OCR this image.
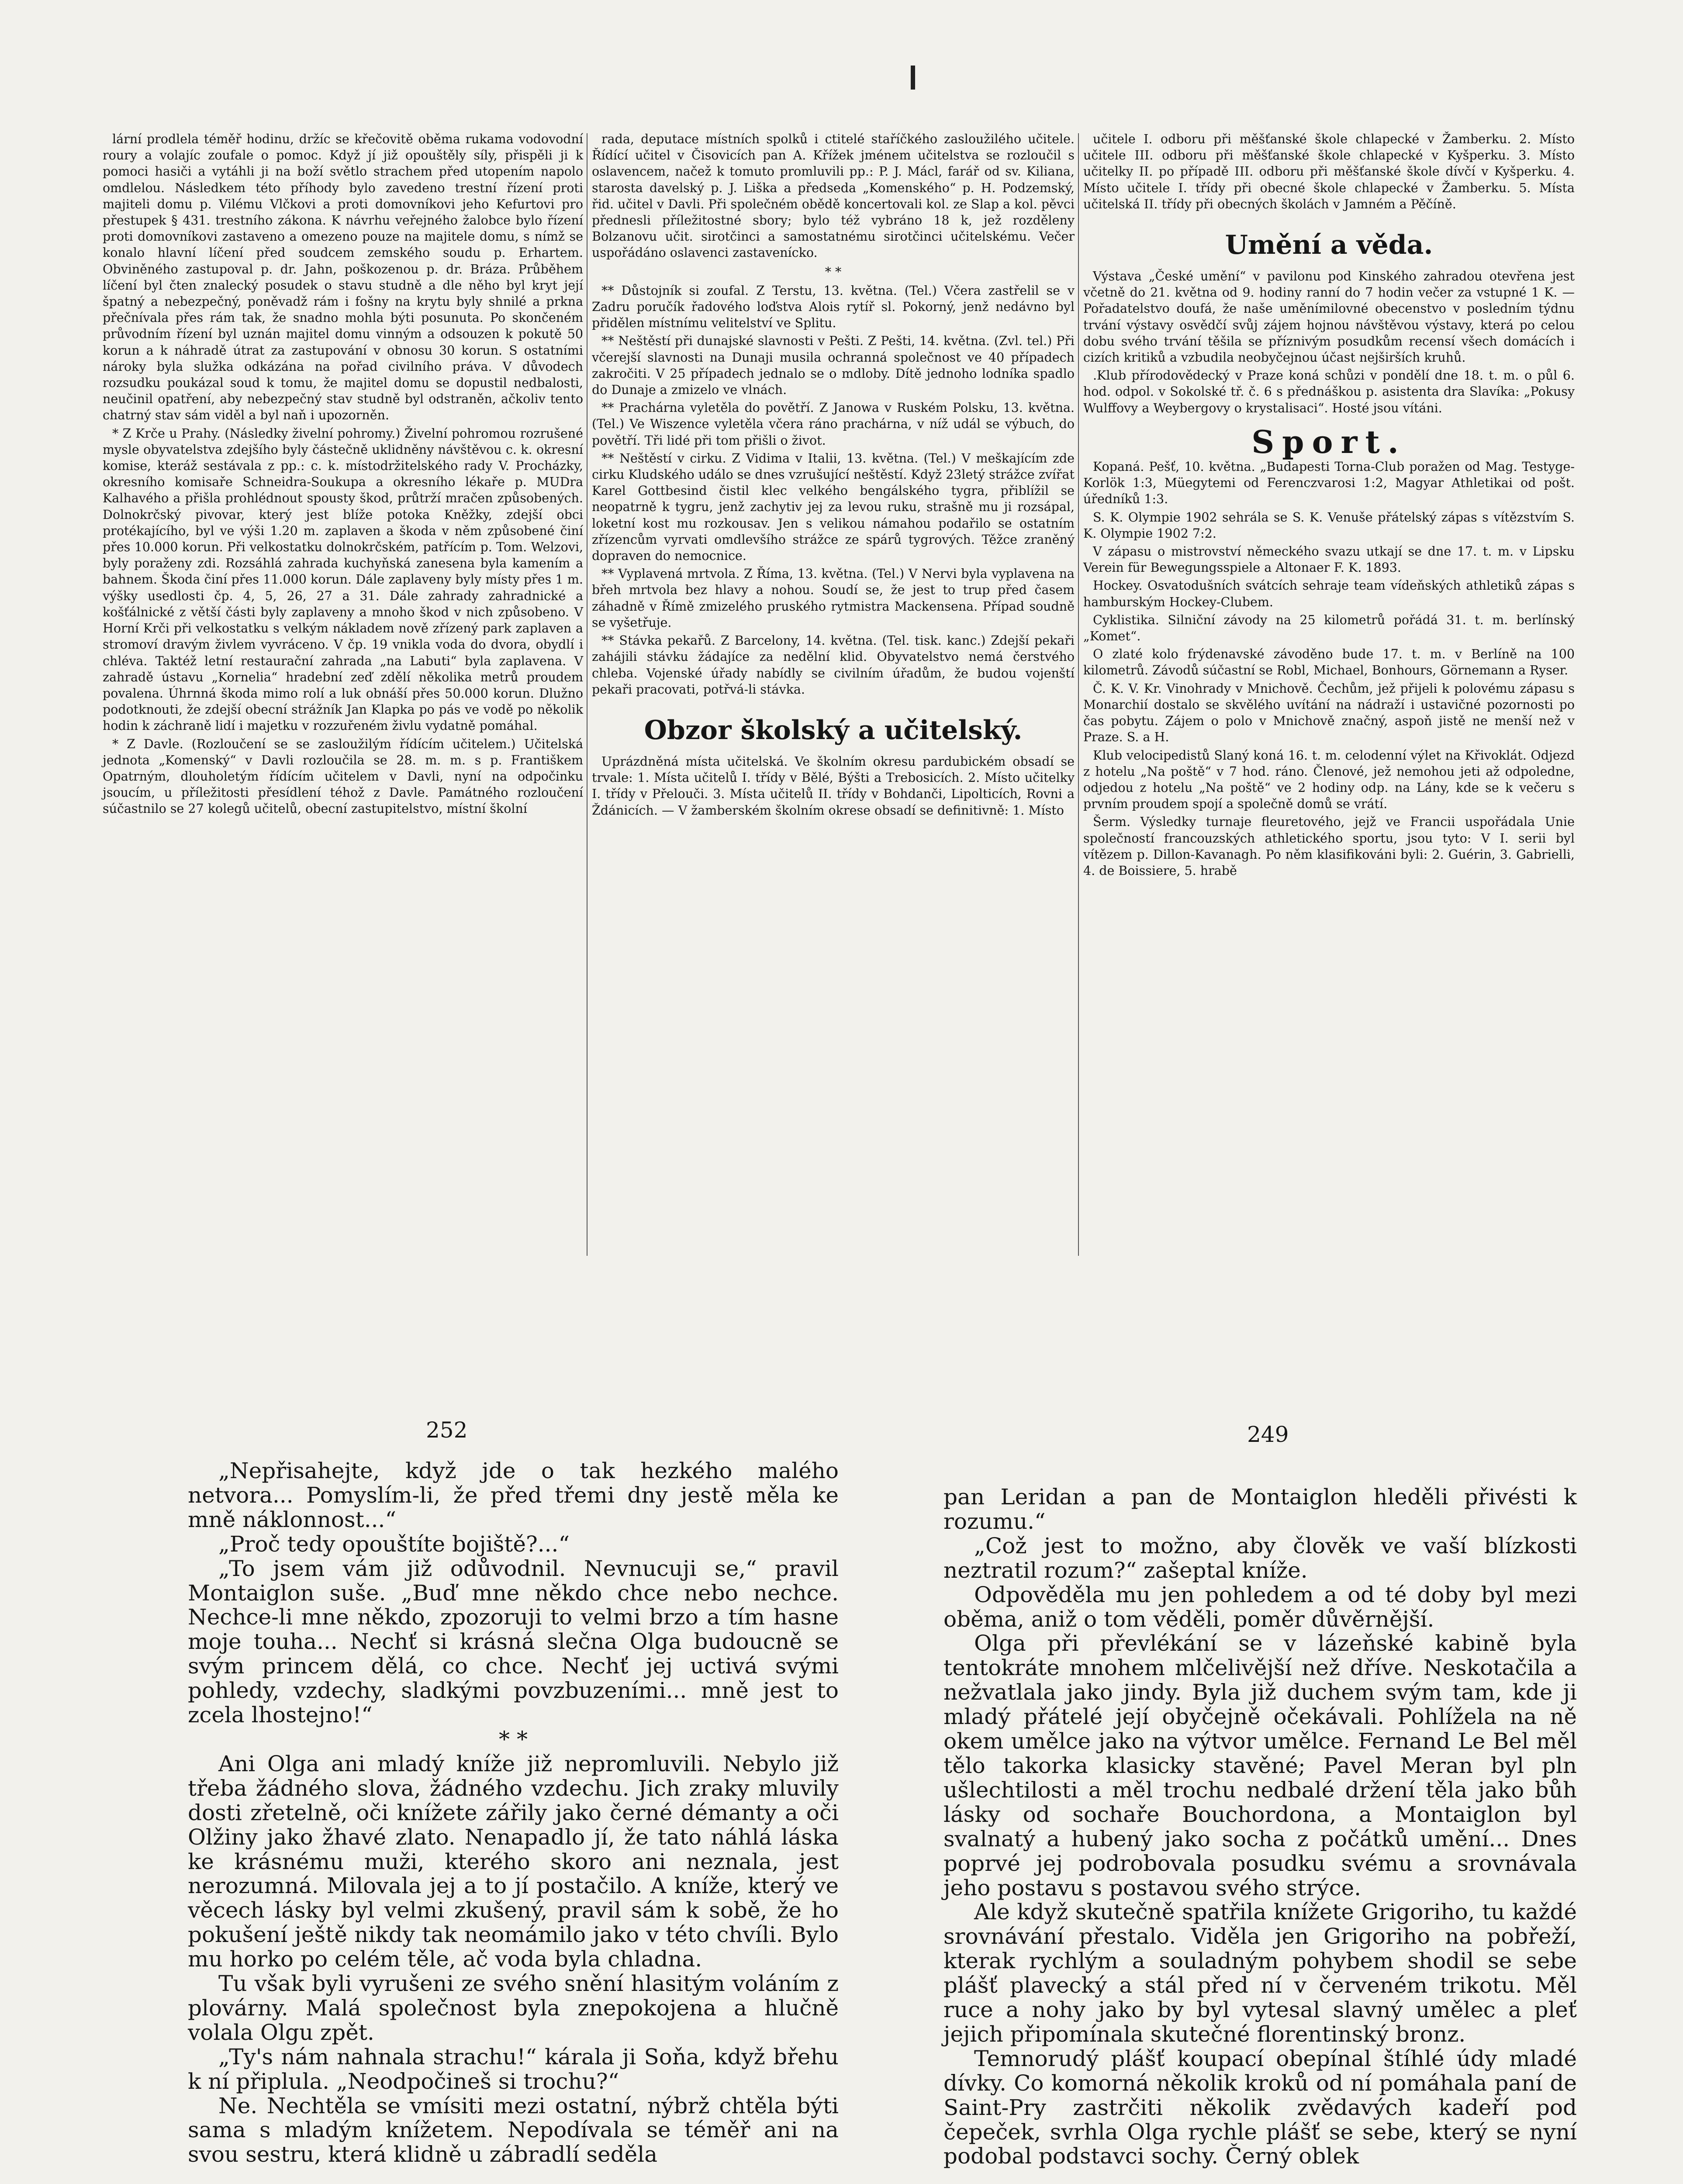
lární prodlela téměř hodinu, držíc se křečovitě oběma rukama vodovodní roury a volajíc zoufale o pomoc. Když jí již opouštěly síly, přispěli ji k pomoci hasiči a vytáhli ji na boží světlo strachem před utopením napolo omdlelou. Následkem této příhody bylo zavedeno trestní řízení proti majiteli domu p. Vilému Vlčkovi a proti domovníkovi jeho Kefurtovi pro přestupek § 431. trestního zákona. K návrhu veřejného žalobce bylo řízení proti domovníkovi zastaveno a omezeno pouze na majitele domu, s nímž se konalo hlavní líčení před soudcem zemského soudu p. Erhartem. Obviněného zastupoval p. dr. Jahn, poškozenou p. dr. Bráza. Průběhem líčení byl čten znalecký posudek o stavu studně a dle něho byl kryt její špatný a nebezpečný, poněvadž rám i fošny na krytu byly shnilé a prkna přečnívala přes rám tak, že snadno mohla býti posunuta. Po skončeném průvodním řízení byl uznán majitel domu vinným a odsouzen k pokutě 50 korun a k náhradě útrat za zastupování v obnosu 30 korun. S ostatními nároky byla služka odkázána na pořad civilního práva. V důvodech rozsudku poukázal soud k tomu, že majitel domu se dopustil nedbalosti, neučinil opatření, aby nebezpečný stav studně byl odstraněn, ačkoliv tento chatrný stav sám viděl a byl naň i upozorněn.

* Z Krče u Prahy. (Následky živelní pohromy.) Živelní pohromou rozrušené mysle obyvatelstva zdejšího byly částečně uklidněny návštěvou c. k. okresní komise, kteráž sestávala z pp.: c. k. místodržitelského rady V. Procházky, okresního komisaře Schneidra-Soukupa a okresního lékaře p. MUDra Kalhavého a přišla prohlédnout spousty škod, průtrží mračen způsobených. Dolnokrčský pivovar, který jest blíže potoka Kněžky, zdejší obci protékajícího, byl ve výši 1.20 m. zaplaven a škoda v něm způsobené činí přes 10.000 korun. Při velkostatku dolnokrčském, patřícím p. Tom. Welzovi, byly poraženy zdi. Rozsáhlá zahrada kuchyňská zanesena byla kamením a bahnem. Škoda činí přes 11.000 korun. Dále zaplaveny byly místy přes 1 m. výšky usedlosti čp. 4, 5, 26, 27 a 31. Dále zahrady zahradnické a košťálnické z větší části byly zaplaveny a mnoho škod v nich způsobeno. V Horní Krči při velkostatku s velkým nákladem nově zřízený park zaplaven a stromoví dravým živlem vyvráceno. V čp. 19 vnikla voda do dvora, obydlí i chléva. Taktéž letní restaurační zahrada „na Labuti“ byla zaplavena. V zahradě ústavu „Kornelia“ hradební zeď zdělí několika metrů proudem povalena. Úhrnná škoda mimo rolí a luk obnáší přes 50.000 korun. Dlužno podotknouti, že zdejší obecní strážník Jan Klapka po pás ve vodě po několik hodin k záchraně lidí i majetku v rozzuřeném živlu vydatně pomáhal.

* Z Davle. (Rozloučení se se zasloužilým řídícím učitelem.) Učitelská jednota „Komenský“ v Davli rozloučila se 28. m. m. s p. Františkem Opatrným, dlouholetým řídícím učitelem v Davli, nyní na odpočinku jsoucím, u příležitosti přesídlení téhož z Davle. Památného rozloučení súčastnilo se 27 kolegů učitelů, obecní zastupitelstvo, místní školní

rada, deputace místních spolků i ctitelé staříčkého zasloužilého učitele. Řídící učitel v Čisovicích pan A. Křížek jménem učitelstva se rozloučil s oslavencem, načež k tomuto promluvili pp.: P. J. Mácl, farář od sv. Kiliana, starosta davelský p. J. Liška a předseda „Komenského“ p. H. Podzemský, řid. učitel v Davli. Při společném obědě koncertovali kol. ze Slap a kol. pěvci přednesli příležitostné sbory; bylo též vybráno 18 k, jež rozděleny Bolzanovu učit. sirotčinci a samostatnému sirotčinci učitelskému. Večer uspořádáno oslavenci zastavenícko.

* *

** Důstojník si zoufal. Z Terstu, 13. května. (Tel.) Včera zastřelil se v Zadru poručík řadového loďstva Alois rytíř sl. Pokorný, jenž nedávno byl přidělen místnímu velitelství ve Splitu.

** Neštěstí při dunajské slavnosti v Pešti. Z Pešti, 14. května. (Zvl. tel.) Při včerejší slavnosti na Dunaji musila ochranná společnost ve 40 případech zakročiti. V 25 případech jednalo se o mdloby. Dítě jednoho lodníka spadlo do Dunaje a zmizelo ve vlnách.

** Prachárna vyletěla do povětří. Z Janowa v Ruském Polsku, 13. května. (Tel.) Ve Wiszence vyletěla včera ráno prachárna, v níž udál se výbuch, do povětří. Tři lidé při tom přišli o život.

** Neštěstí v cirku. Z Vidima v Italii, 13. května. (Tel.) V meškajícím zde cirku Kludského událo se dnes vzrušující neštěstí. Když 23letý strážce zvířat Karel Gottbesind čistil klec velkého bengálského tygra, přiblížil se neopatrně k tygru, jenž zachytiv jej za levou ruku, strašně mu ji rozsápal, loketní kost mu rozkousav. Jen s velikou námahou podařilo se ostatním zřízencům vyrvati omdlevšího strážce ze spárů tygrových. Těžce zraněný dopraven do nemocnice.

** Vyplavená mrtvola. Z Říma, 13. května. (Tel.) V Nervi byla vyplavena na břeh mrtvola bez hlavy a nohou. Soudí se, že jest to trup před časem záhadně v Římě zmizelého pruského rytmistra Mackensena. Případ soudně se vyšetřuje.

** Stávka pekařů. Z Barcelony, 14. května. (Tel. tisk. kanc.) Zdejší pekaři zahájili stávku žádajíce za nedělní klid. Obyvatelstvo nemá čerstvého chleba. Vojenské úřady nabídly se civilním úřadům, že budou vojenští pekaři pracovati, potřvá-li stávka.

Obzor školský a učitelský.

Uprázdněná místa učitelská. Ve školním okresu pardubickém obsadí se trvale: 1. Místa učitelů I. třídy v Bělé, Býšti a Trebosicích. 2. Místo učitelky I. třídy v Přelouči. 3. Místa učitelů II. třídy v Bohdanči, Lipolticích, Rovni a Ždánicích. — V žamberském školním okrese obsadí se definitivně: 1. Místo

učitele I. odboru při měšťanské škole chlapecké v Žamberku. 2. Místo učitele III. odboru při měšťanské škole chlapecké v Kyšperku. 3. Místo učitelky II. po případě III. odboru při měšťanské škole dívčí v Kyšperku. 4. Místo učitele I. třídy při obecné škole chlapecké v Žamberku. 5. Místa učitelská II. třídy při obecných školách v Jamném a Pěčíně.

Umění a věda.

Výstava „České umění“ v pavilonu pod Kinského zahradou otevřena jest včetně do 21. května od 9. hodiny ranní do 7 hodin večer za vstupné 1 K. — Pořadatelstvo doufá, že naše uměnímilovné obecenstvo v posledním týdnu trvání výstavy osvědčí svůj zájem hojnou návštěvou výstavy, která po celou dobu svého trvání těšila se příznivým posudkům recensí všech domácích i cizích kritiků a vzbudila neobyčejnou účast nejširších kruhů.

.Klub přírodovědecký v Praze koná schůzi v pondělí dne 18. t. m. o půl 6. hod. odpol. v Sokolské tř. č. 6 s přednáškou p. asistenta dra Slavíka: „Pokusy Wulffovy a Weybergovy o krystalisaci“. Hosté jsou vítáni.

Sport.

Kopaná. Pešť, 10. května. „Budapesti Torna-Club poražen od Mag. Testyge-Korlök 1:3, Müegytemi od Ferenczvarosi 1:2, Magyar Athletikai od pošt. úředníků 1:3.

S. K. Olympie 1902 sehrála se S. K. Venuše přátelský zápas s vítězstvím S. K. Olympie 1902 7:2.

V zápasu o mistrovství německého svazu utkají se dne 17. t. m. v Lipsku Verein für Bewegungsspiele a Altonaer F. K. 1893.

Hockey. Osvatodušních svátcích sehraje team vídeňských athletiků zápas s hamburským Hockey-Clubem.

Cyklistika. Silniční závody na 25 kilometrů pořádá 31. t. m. berlínský „Komet“.

O zlaté kolo frýdenavské závoděno bude 17. t. m. v Berlíně na 100 kilometrů. Závodů súčastní se Robl, Michael, Bonhours, Görnemann a Ryser.

Č. K. V. Kr. Vinohrady v Mnichově. Čechům, jež přijeli k polovému zápasu s Monarchií dostalo se skvělého uvítání na nádraží i ustavičné pozornosti po čas pobytu. Zájem o polo v Mnichově značný, aspoň jistě ne menší než v Praze. S. a H.

Klub velocipedistů Slaný koná 16. t. m. celodenní výlet na Křivoklát. Odjezd z hotelu „Na poště“ v 7 hod. ráno. Členové, jež nemohou jeti až odpoledne, odjedou z hotelu „Na poště“ ve 2 hodiny odp. na Lány, kde se k večeru s prvním proudem spojí a společně domů se vrátí.

Šerm. Výsledky turnaje fleuretového, jejž ve Francii uspořádala Unie společností francouzských athletického sportu, jsou tyto: V I. serii byl vítězem p. Dillon-Kavanagh. Po něm klasifikováni byli: 2. Guérin, 3. Gabrielli, 4. de Boissiere, 5. hrabě

252	249

„Nepřisahejte, když jde o tak hezkého malého netvora... Pomyslím-li, že před třemi dny jestě měla ke mně náklonnost...“

„Proč tedy opouštíte bojiště?...“

„To jsem vám již odůvodnil. Nevnucuji se,“ pravil Montaiglon suše. „Buď mne někdo chce nebo nechce. Nechce-li mne někdo, zpozoruji to velmi brzo a tím hasne moje touha... Nechť si krásná slečna Olga budoucně se svým princem dělá, co chce. Nechť jej uctivá svými pohledy, vzdechy, sladkými povzbuzeními... mně jest to zcela lhostejno!“

* *

Ani Olga ani mladý kníže již nepromluvili. Nebylo již třeba žádného slova, žádného vzdechu. Jich zraky mluvily dosti zřetelně, oči knížete zářily jako černé démanty a oči Olžiny jako žhavé zlato. Nenapadlo jí, že tato náhlá láska ke krásnému muži, kterého skoro ani neznala, jest nerozumná. Milovala jej a to jí postačilo. A kníže, který ve věcech lásky byl velmi zkušený, pravil sám k sobě, že ho pokušení ještě nikdy tak neomámilo jako v této chvíli. Bylo mu horko po celém těle, ač voda byla chladna.

Tu však byli vyrušeni ze svého snění hlasitým voláním z plovárny. Malá společnost byla znepokojena a hlučně volala Olgu zpět.

„Ty's nám nahnala strachu!“ kárala ji Soňa, když břehu k ní připlula. „Neodpočineš si trochu?“

Ne. Nechtěla se vmísiti mezi ostatní, nýbrž chtěla býti sama s mladým knížetem. Nepodívala se téměř ani na svou sestru, která klidně u zábradlí seděla

pan Leridan a pan de Montaiglon hleděli přivésti k rozumu.“

„Což jest to možno, aby člověk ve vaší blízkosti neztratil rozum?“ zašeptal kníže.

Odpověděla mu jen pohledem a od té doby byl mezi oběma, aniž o tom věděli, poměr důvěrnější.

Olga při převlékání se v lázeňské kabině byla tentokráte mnohem mlčelivější než dříve. Neskotačila a nežvatlala jako jindy. Byla již duchem svým tam, kde ji mladý přátelé její obyčejně očekávali. Pohlížela na ně okem umělce jako na výtvor umělce. Fernand Le Bel měl tělo takorka klasicky stavěné; Pavel Meran byl pln ušlechtilosti a měl trochu nedbalé držení těla jako bůh lásky od sochaře Bouchordona, a Montaiglon byl svalnatý a hubený jako socha z počátků umění... Dnes poprvé jej podrobovala posudku svému a srovnávala jeho postavu s postavou svého strýce.

Ale když skutečně spatřila knížete Grigoriho, tu každé srovnávání přestalo. Viděla jen Grigoriho na pobřeží, kterak rychlým a souladným pohybem shodil se sebe plášť plavecký a stál před ní v červeném trikotu. Měl ruce a nohy jako by byl vytesal slavný umělec a pleť jejich připomínala skutečné florentinský bronz.

Temnorudý plášť koupací obepínal štíhlé údy mladé dívky. Co komorná několik kroků od ní pomáhala paní de Saint-Pry zastrčiti několik zvědavých kadeří pod čepeček, svrhla Olga rychle plášť se sebe, který se nyní podobal podstavci sochy. Černý oblek
